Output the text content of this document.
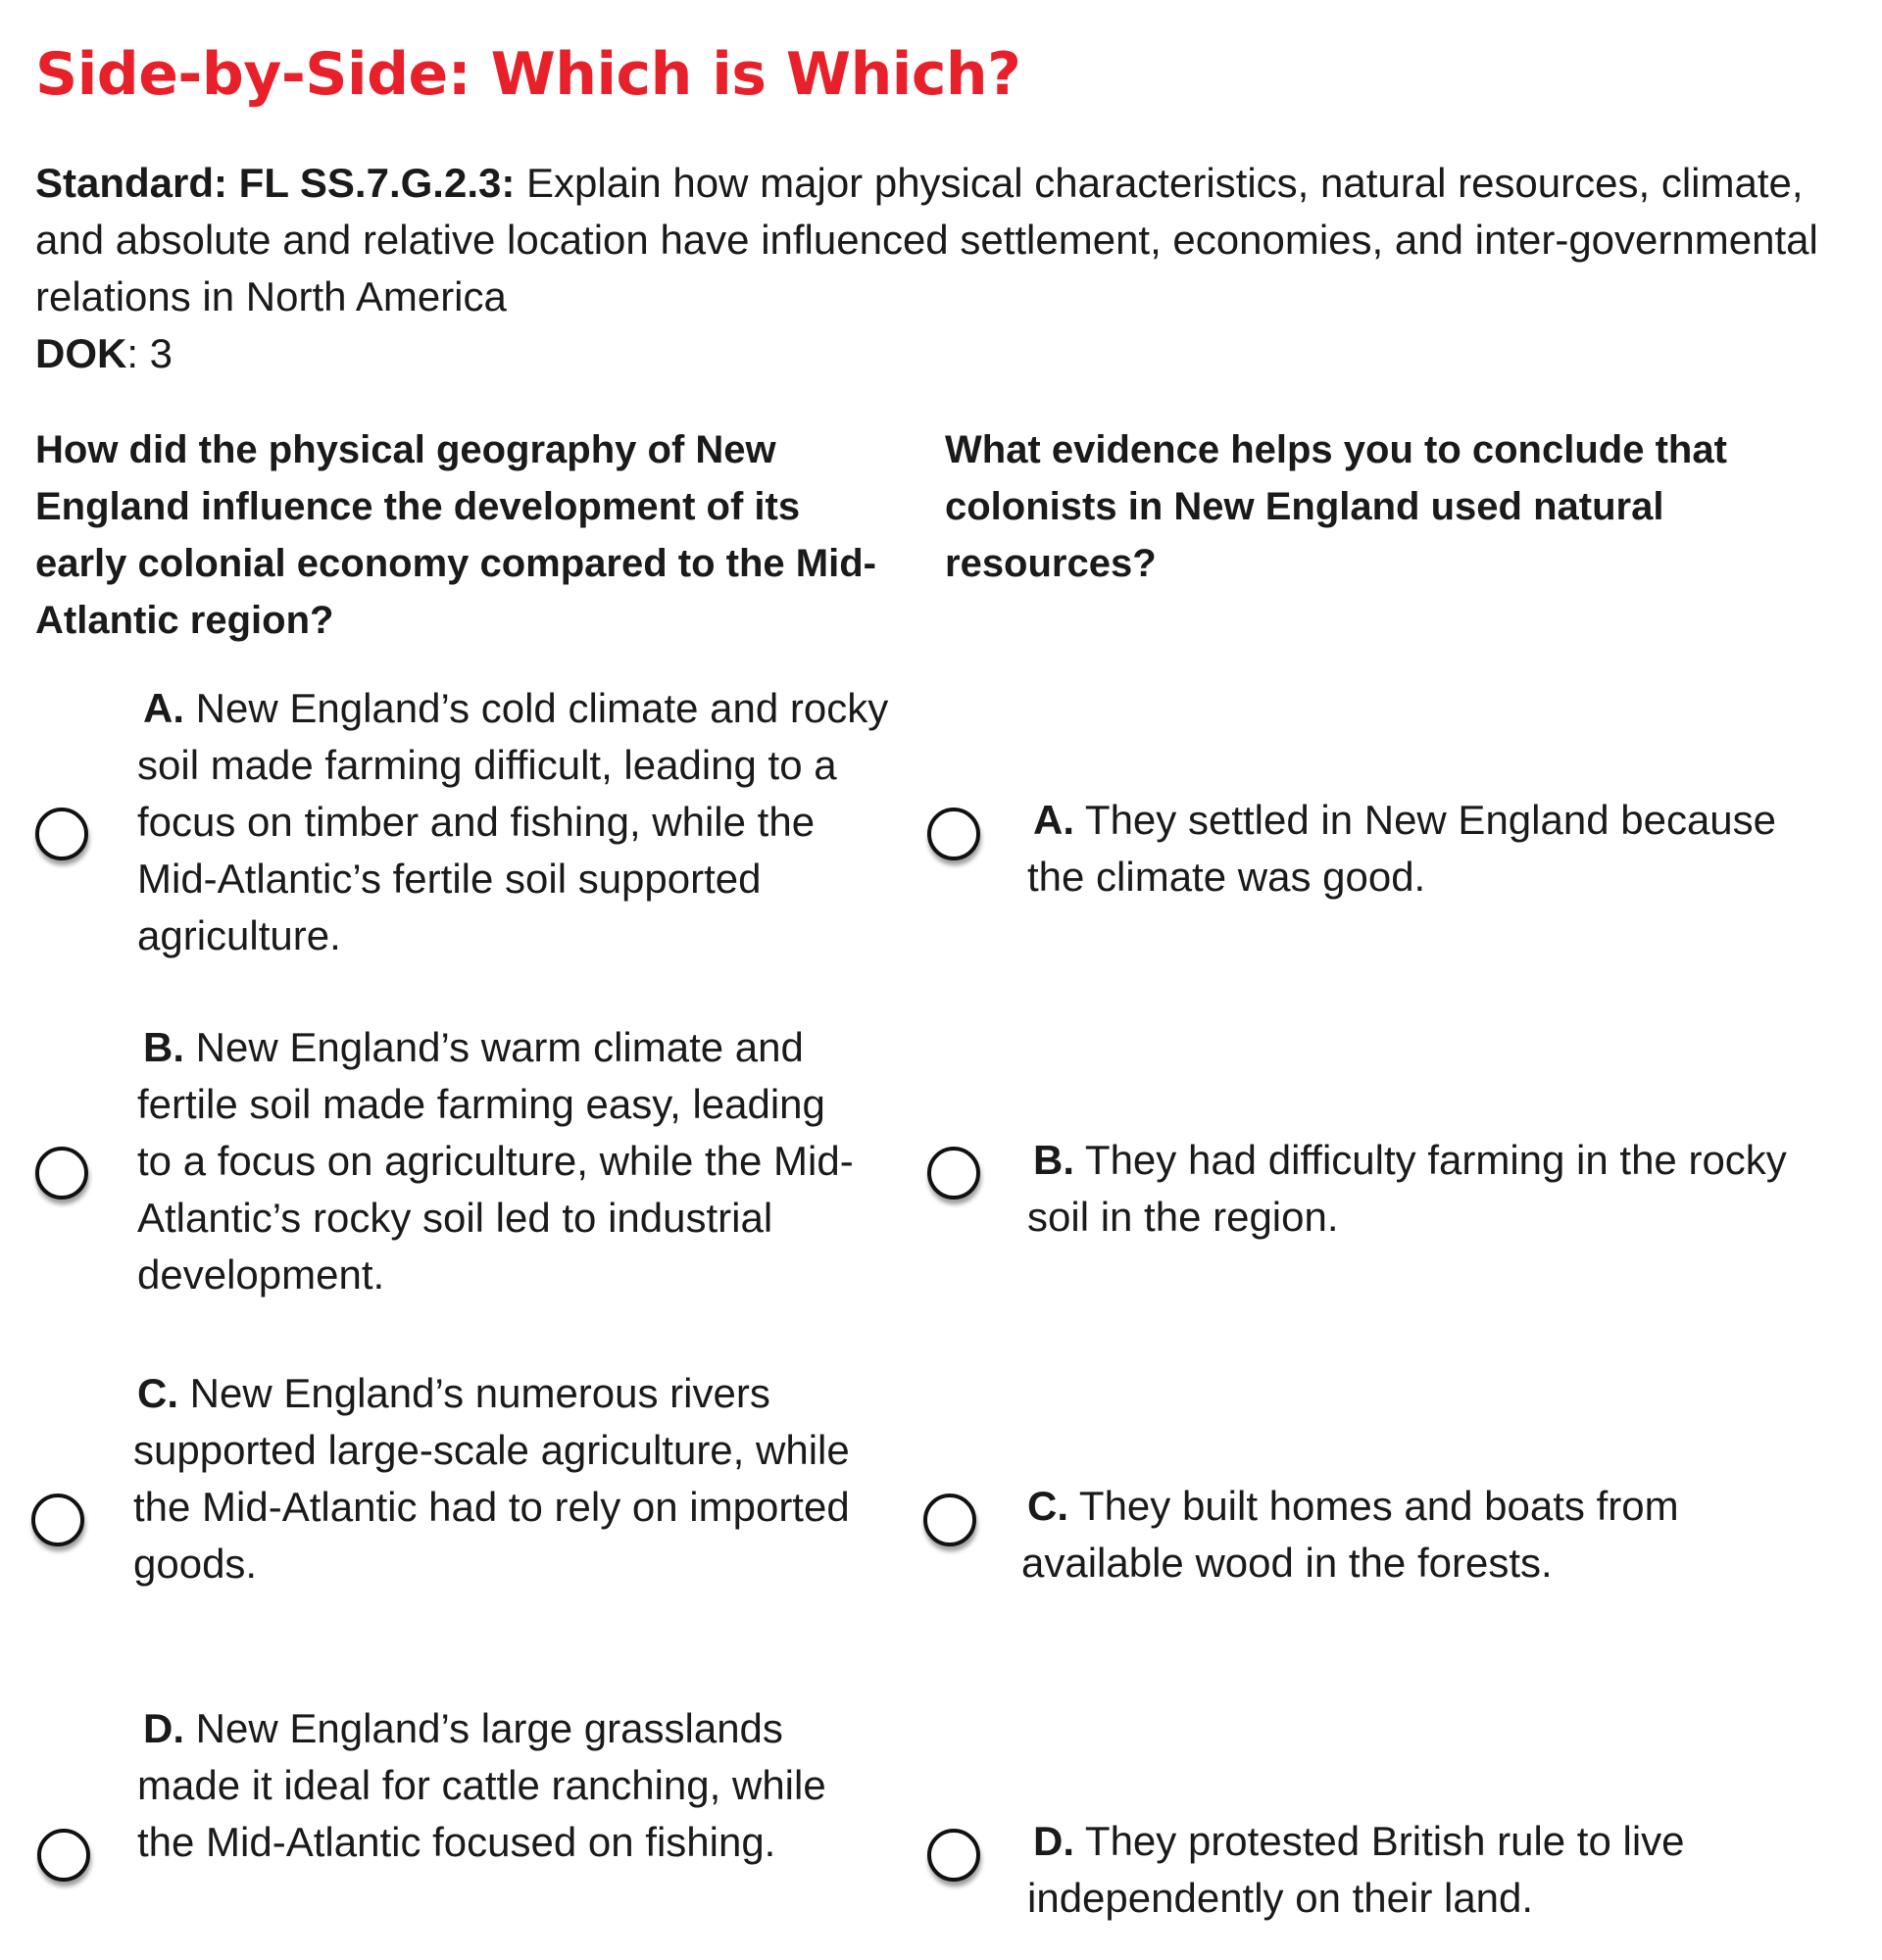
Side-by-Side: Which is Which?

Standard: FL SS.7.G.2.3: Explain how major physical characteristics, natural resources, climate, and absolute and relative location have influenced settlement, economies, and inter-governmental relations in North America

DOK: 3

How did the physical geography of New England influence the development of its early colonial economy compared to the Mid-Atlantic region?

A. New England’s cold climate and rocky soil made farming difficult, leading to a focus on timber and fishing, while the Mid-Atlantic’s fertile soil supported agriculture.

B. New England’s warm climate and fertile soil made farming easy, leading to a focus on agriculture, while the Mid-Atlantic’s rocky soil led to industrial development.

C. New England’s numerous rivers supported large-scale agriculture, while the Mid-Atlantic had to rely on imported goods.

D. New England’s large grasslands made it ideal for cattle ranching, while the Mid-Atlantic focused on fishing.

What evidence helps you to conclude that colonists in New England used natural resources?

A. They settled in New England because the climate was good.

B. They had difficulty farming in the rocky soil in the region.

C. They built homes and boats from available wood in the forests.

D. They protested British rule to live independently on their land.
